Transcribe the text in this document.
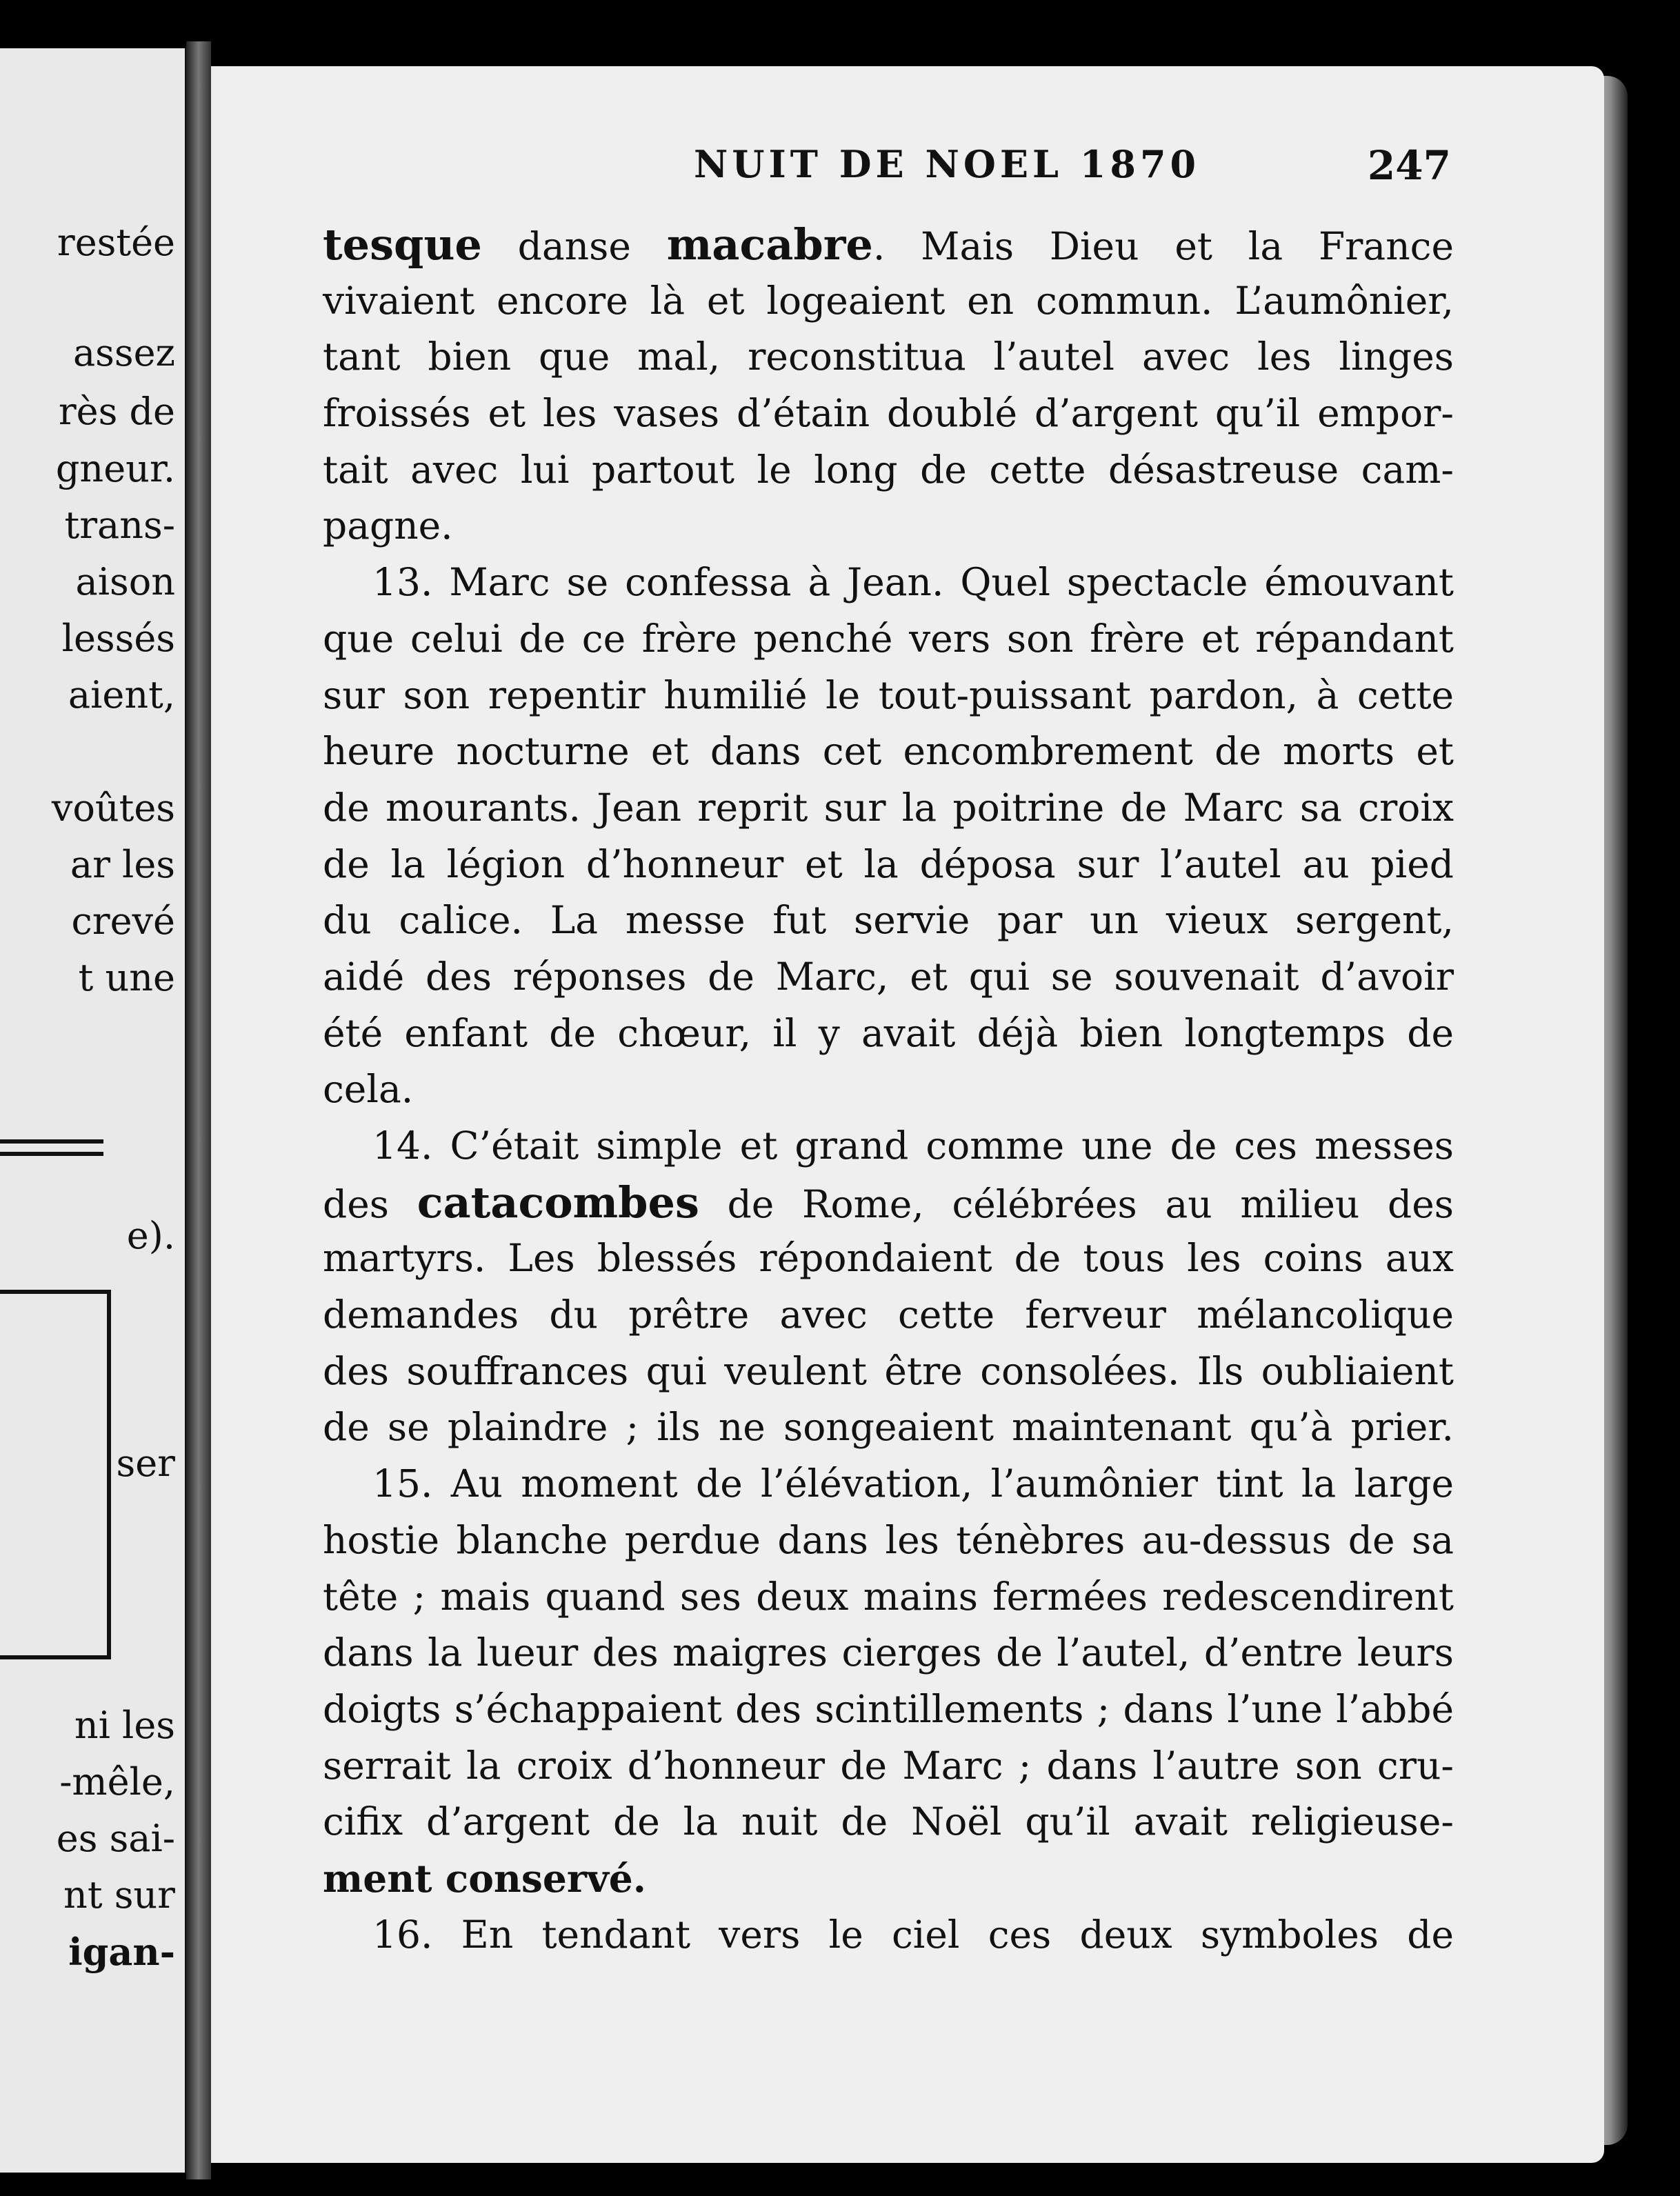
restée
assez
rès de
gneur.
trans-
aison
lessés
aient,
voûtes
ar les
crevé
t une
e).
ser
ni les
-mêle,
es sai-
nt sur
igan-
NUIT DE NOEL 1870	247
tesque danse macabre. Mais Dieu et la France
vivaient encore là et logeaient en commun. L’aumônier,
tant bien que mal, reconstitua l’autel avec les linges
froissés et les vases d’étain doublé d’argent qu’il empor-
tait avec lui partout le long de cette désastreuse cam-
pagne.
13. Marc se confessa à Jean. Quel spectacle émouvant
que celui de ce frère penché vers son frère et répandant
sur son repentir humilié le tout-puissant pardon, à cette
heure nocturne et dans cet encombrement de morts et
de mourants. Jean reprit sur la poitrine de Marc sa croix
de la légion d’honneur et la déposa sur l’autel au pied
du calice. La messe fut servie par un vieux sergent,
aidé des réponses de Marc, et qui se souvenait d’avoir
été enfant de chœur, il y avait déjà bien longtemps de
cela.
14. C’était simple et grand comme une de ces messes
des catacombes de Rome, célébrées au milieu des
martyrs. Les blessés répondaient de tous les coins aux
demandes du prêtre avec cette ferveur mélancolique
des souffrances qui veulent être consolées. Ils oubliaient
de se plaindre ; ils ne songeaient maintenant qu’à prier.
15. Au moment de l’élévation, l’aumônier tint la large
hostie blanche perdue dans les ténèbres au-dessus de sa
tête ; mais quand ses deux mains fermées redescendirent
dans la lueur des maigres cierges de l’autel, d’entre leurs
doigts s’échappaient des scintillements ; dans l’une l’abbé
serrait la croix d’honneur de Marc ; dans l’autre son cru-
cifix d’argent de la nuit de Noël qu’il avait religieuse-
ment conservé.
16. En tendant vers le ciel ces deux symboles de
